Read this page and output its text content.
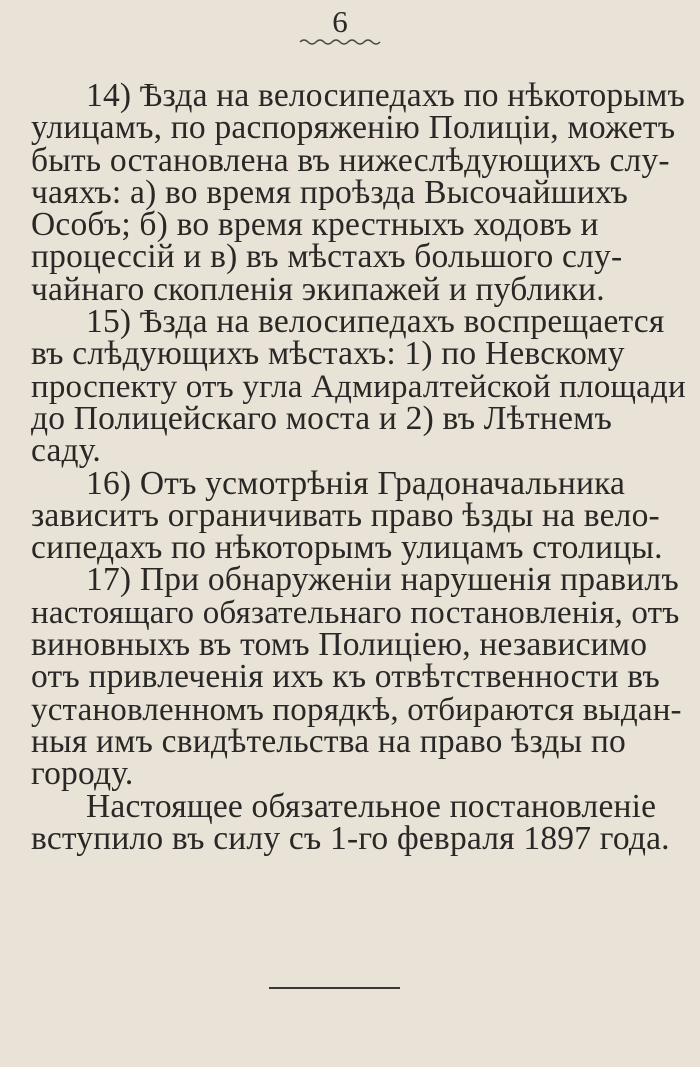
6
14) Ѣзда на велосипедахъ по нѣкоторымъ
улицамъ, по распоряженію Полиціи, можетъ
быть остановлена въ нижеслѣдующихъ слу-
чаяхъ: а) во время проѣзда Высочайшихъ
Особъ; б) во время крестныхъ ходовъ и
процессій и в) въ мѣстахъ большого слу-
чайнаго скопленія экипажей и публики.
15) Ѣзда на велосипедахъ воспрещается
въ слѣдующихъ мѣстахъ: 1) по Невскому
проспекту отъ угла Адмиралтейской площади
до Полицейскаго моста и 2) въ Лѣтнемъ
саду.
16) Отъ усмотрѣнія Градоначальника
зависитъ ограничивать право ѣзды на вело-
сипедахъ по нѣкоторымъ улицамъ столицы.
17) При обнаруженіи нарушенія правилъ
настоящаго обязательнаго постановленія, отъ
виновныхъ въ томъ Полиціею, независимо
отъ привлеченія ихъ къ отвѣтственности въ
установленномъ порядкѣ, отбираются выдан-
ныя имъ свидѣтельства на право ѣзды по
городу.
Настоящее обязательное постановленіе
вступило въ силу съ 1-го февраля 1897 года.
